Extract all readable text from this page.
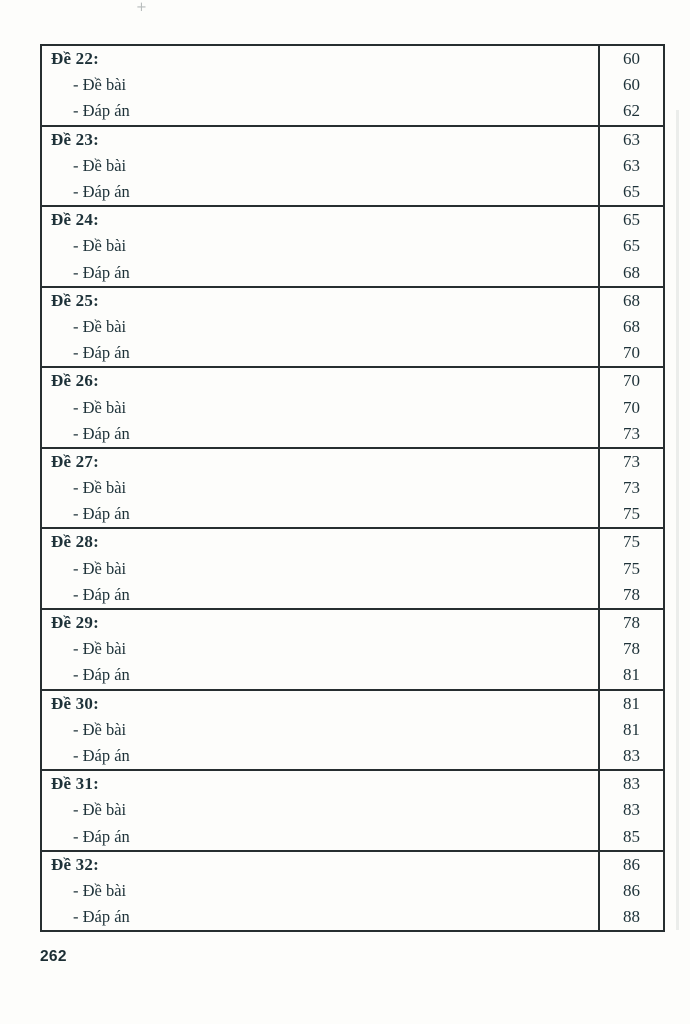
+
Đề 22:
- Đề bài
- Đáp án
60
60
62
Đề 23:
- Đề bài
- Đáp án
63
63
65
Đề 24:
- Đề bài
- Đáp án
65
65
68
Đề 25:
- Đề bài
- Đáp án
68
68
70
Đề 26:
- Đề bài
- Đáp án
70
70
73
Đề 27:
- Đề bài
- Đáp án
73
73
75
Đề 28:
- Đề bài
- Đáp án
75
75
78
Đề 29:
- Đề bài
- Đáp án
78
78
81
Đề 30:
- Đề bài
- Đáp án
81
81
83
Đề 31:
- Đề bài
- Đáp án
83
83
85
Đề 32:
- Đề bài
- Đáp án
86
86
88
262
